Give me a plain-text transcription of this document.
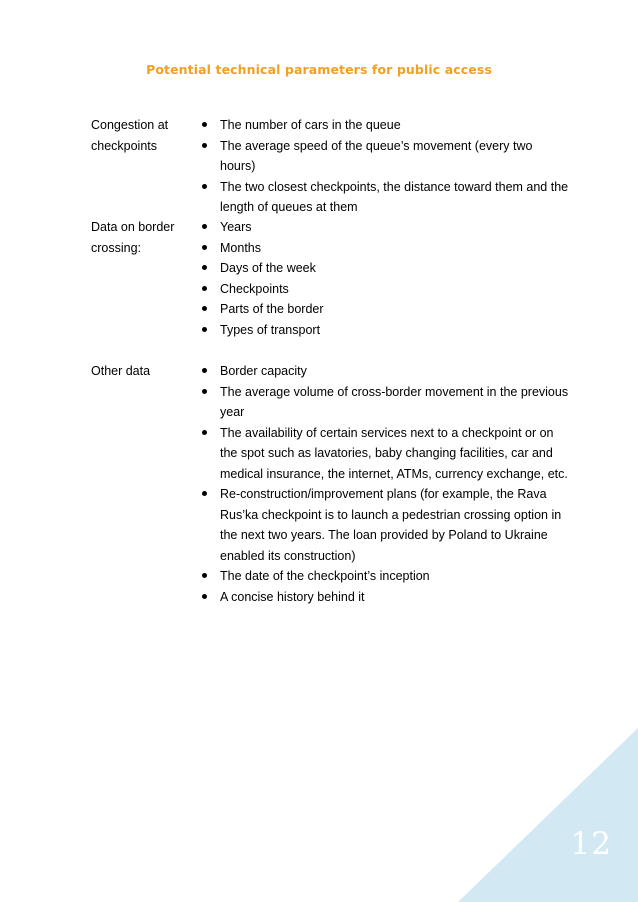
Potential technical parameters for public access
Congestion at checkpoints
The number of cars in the queue
The average speed of the queue’s movement (every two hours)
The two closest checkpoints, the distance toward them and the length of queues at them
Data on border crossing:
Years
Months
Days of the week
Checkpoints
Parts of the border
Types of transport
Other data	Border capacity
The average volume of cross-border movement in the previous year
The availability of certain services next to a checkpoint or on the spot such as lavatories, baby changing facilities, car and medical insurance, the internet, ATMs, currency exchange, etc.
Re-construction/improvement plans (for example, the Rava Rus’ka checkpoint is to launch a pedestrian crossing option in the next two years. The loan provided by Poland to Ukraine enabled its construction)
The date of the checkpoint’s inception
A concise history behind it
12
